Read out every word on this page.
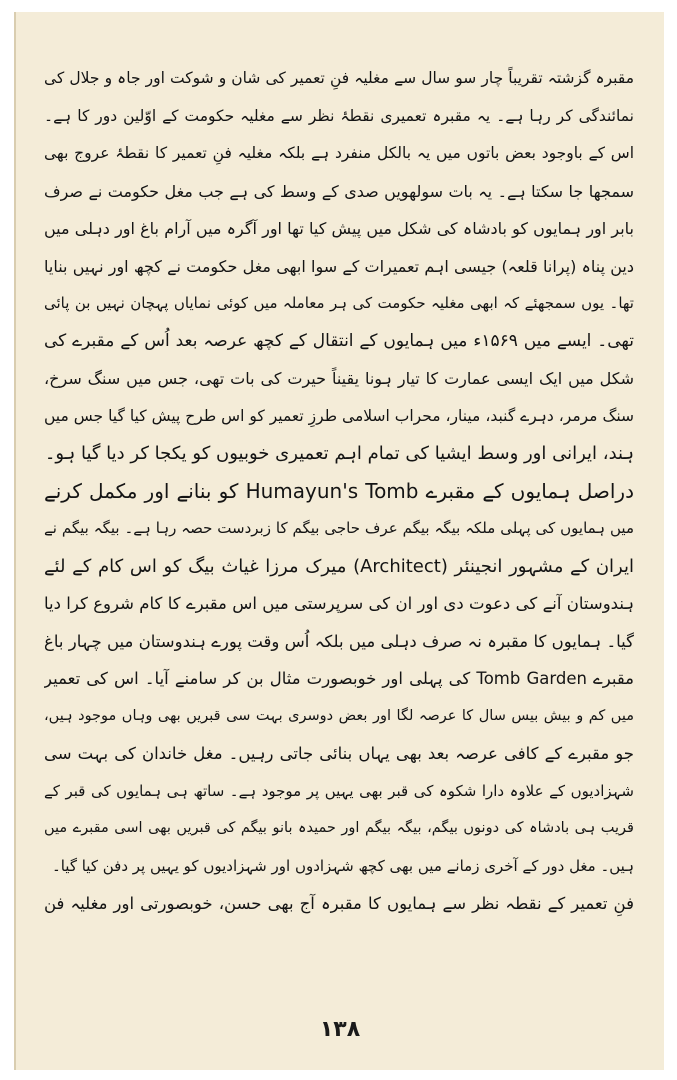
مقبرہ گزشتہ تقریباً چار سو سال سے مغلیہ فنِ تعمیر کی شان و شوکت اور جاہ و جلال کی
نمائندگی کر رہا ہے۔ یہ مقبرہ تعمیری نقطۂ نظر سے مغلیہ حکومت کے اوّلین دور کا ہے۔
اس کے باوجود بعض باتوں میں یہ بالکل منفرد ہے بلکہ مغلیہ فنِ تعمیر کا نقطۂ عروج بھی
سمجھا جا سکتا ہے۔ یہ بات سولھویں صدی کے وسط کی ہے جب مغل حکومت نے صرف
بابر اور ہمایوں کو بادشاہ کی شکل میں پیش کیا تھا اور آگرہ میں آرام باغ اور دہلی میں
دین پناہ (پرانا قلعہ) جیسی اہم تعمیرات کے سوا ابھی مغل حکومت نے کچھ اور نہیں بنایا
تھا۔ یوں سمجھئے کہ ابھی مغلیہ حکومت کی ہر معاملہ میں کوئی نمایاں پہچان نہیں بن پائی
تھی۔ ایسے میں ۱۵۶۹ء میں ہمایوں کے انتقال کے کچھ عرصہ بعد اُس کے مقبرے کی
شکل میں ایک ایسی عمارت کا تیار ہونا یقیناً حیرت کی بات تھی، جس میں سنگ سرخ،
سنگ مرمر، دہرے گنبد، مینار، محراب اسلامی طرزِ تعمیر کو اس طرح پیش کیا گیا جس میں
ہند، ایرانی اور وسط ایشیا کی تمام اہم تعمیری خوبیوں کو یکجا کر دیا گیا ہو۔
دراصل ہمایوں کے مقبرے Humayun's Tomb کو بنانے اور مکمل کرنے
میں ہمایوں کی پہلی ملکہ بیگہ بیگم عرف حاجی بیگم کا زبردست حصہ رہا ہے۔ بیگہ بیگم نے
ایران کے مشہور انجینئر (Architect) میرک مرزا غیاث بیگ کو اس کام کے لئے
ہندوستان آنے کی دعوت دی اور ان کی سرپرستی میں اس مقبرے کا کام شروع کرا دیا
گیا۔ ہمایوں کا مقبرہ نہ صرف دہلی میں بلکہ اُس وقت پورے ہندوستان میں چہار باغ
مقبرے Tomb Garden کی پہلی اور خوبصورت مثال بن کر سامنے آیا۔ اس کی تعمیر
میں کم و بیش بیس سال کا عرصہ لگا اور بعض دوسری بہت سی قبریں بھی وہاں موجود ہیں،
جو مقبرے کے کافی عرصہ بعد بھی یہاں بنائی جاتی رہیں۔ مغل خاندان کی بہت سی
شہزادیوں کے علاوہ دارا شکوہ کی قبر بھی یہیں پر موجود ہے۔ ساتھ ہی ہمایوں کی قبر کے
قریب ہی بادشاہ کی دونوں بیگم، بیگہ بیگم اور حمیدہ بانو بیگم کی قبریں بھی اسی مقبرے میں
ہیں۔ مغل دور کے آخری زمانے میں بھی کچھ شہزادوں اور شہزادیوں کو یہیں پر دفن کیا گیا۔
فنِ تعمیر کے نقطہ نظر سے ہمایوں کا مقبرہ آج بھی حسن، خوبصورتی اور مغلیہ فن
۱۳۸
